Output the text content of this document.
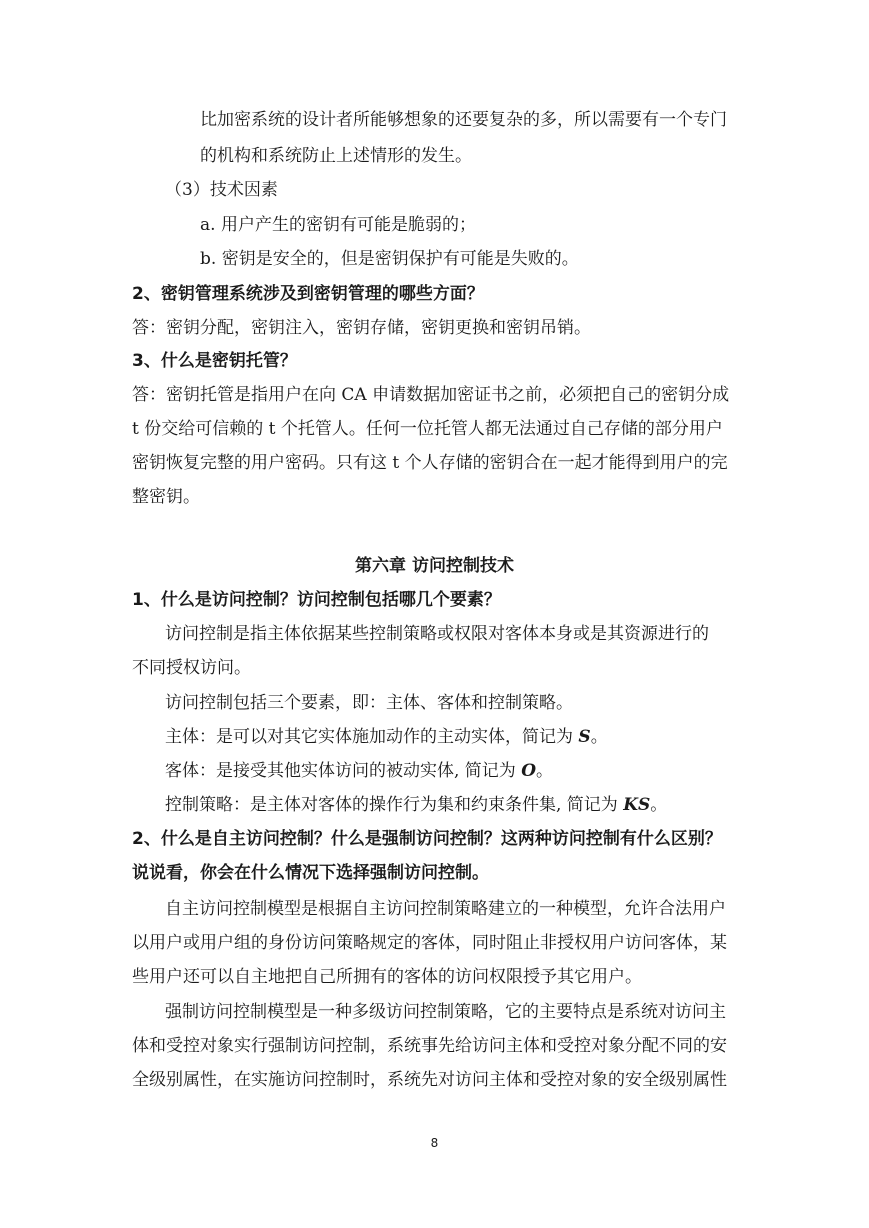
比加密系统的设计者所能够想象的还要复杂的多，所以需要有一个专门
的机构和系统防止上述情形的发生。
（3）技术因素
a. 用户产生的密钥有可能是脆弱的；
b. 密钥是安全的，但是密钥保护有可能是失败的。
2、密钥管理系统涉及到密钥管理的哪些方面？
答：密钥分配，密钥注入，密钥存储，密钥更换和密钥吊销。
3、什么是密钥托管？
答：密钥托管是指用户在向 CA 申请数据加密证书之前，必须把自己的密钥分成
t 份交给可信赖的 t 个托管人。任何一位托管人都无法通过自己存储的部分用户
密钥恢复完整的用户密码。只有这 t 个人存储的密钥合在一起才能得到用户的完
整密钥。
第六章 访问控制技术
1、什么是访问控制？访问控制包括哪几个要素？
访问控制是指主体依据某些控制策略或权限对客体本身或是其资源进行的
不同授权访问。
访问控制包括三个要素，即：主体、客体和控制策略。
主体：是可以对其它实体施加动作的主动实体，简记为 S。
客体：是接受其他实体访问的被动实体, 简记为 O。
控制策略：是主体对客体的操作行为集和约束条件集, 简记为 KS。
2、什么是自主访问控制？什么是强制访问控制？这两种访问控制有什么区别？
说说看，你会在什么情况下选择强制访问控制。
自主访问控制模型是根据自主访问控制策略建立的一种模型，允许合法用户
以用户或用户组的身份访问策略规定的客体，同时阻止非授权用户访问客体，某
些用户还可以自主地把自己所拥有的客体的访问权限授予其它用户。
强制访问控制模型是一种多级访问控制策略，它的主要特点是系统对访问主
体和受控对象实行强制访问控制，系统事先给访问主体和受控对象分配不同的安
全级别属性，在实施访问控制时，系统先对访问主体和受控对象的安全级别属性
8
